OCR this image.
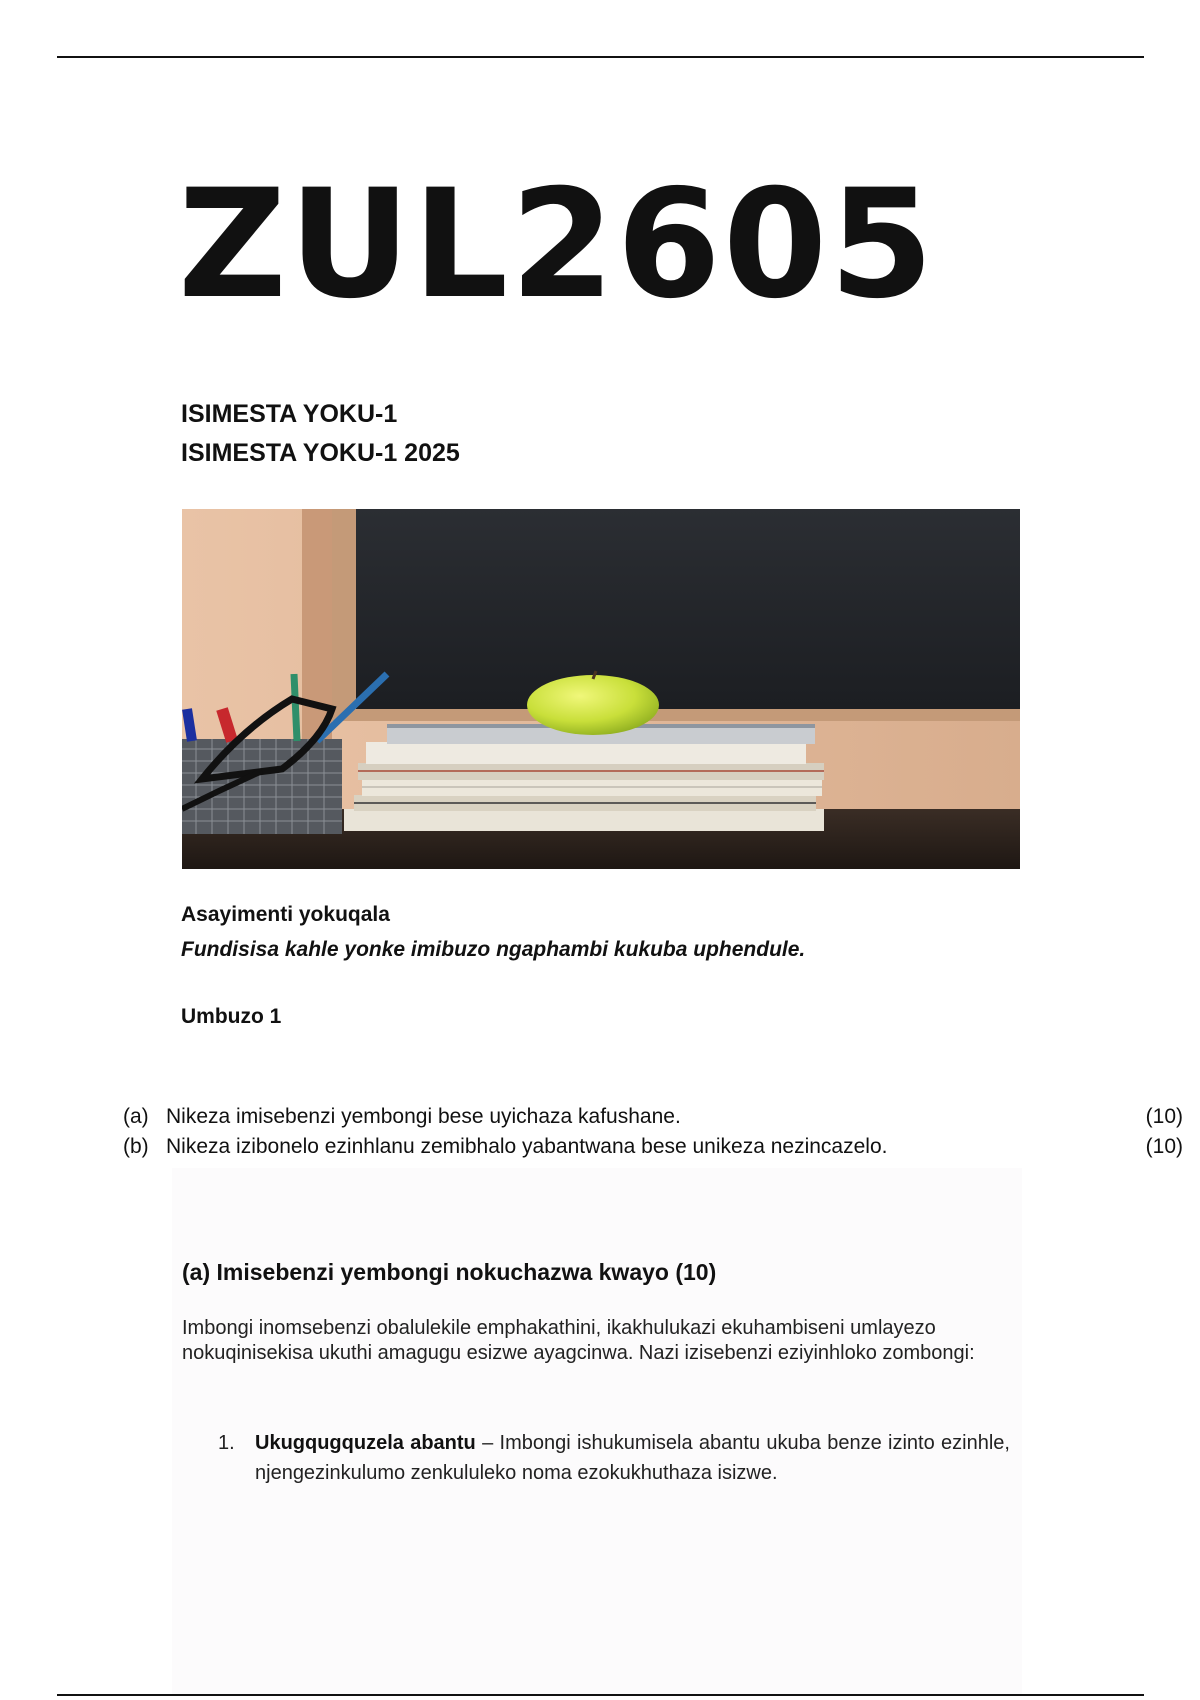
ZUL2605
ISIMESTA YOKU-1
ISIMESTA YOKU-1 2025
Asayimenti yokuqala
Fundisisa kahle yonke imibuzo ngaphambi kukuba uphendule.
Umbuzo 1
(a) Nikeza imisebenzi yembongi bese uyichaza kafushane.	(10)
(b) Nikeza izibonelo ezinhlanu zemibhalo yabantwana bese unikeza nezincazelo.	(10)
(a) Imisebenzi yembongi nokuchazwa kwayo (10)
Imbongi inomsebenzi obalulekile emphakathini, ikakhulukazi ekuhambiseni umlayezo nokuqinisekisa ukuthi amagugu esizwe ayagcinwa. Nazi izisebenzi eziyinhloko zombongi:
1. Ukugqugquzela abantu – Imbongi ishukumisela abantu ukuba benze izinto ezinhle, njengezinkulumo zenkululeko noma ezokukhuthaza isizwe.
